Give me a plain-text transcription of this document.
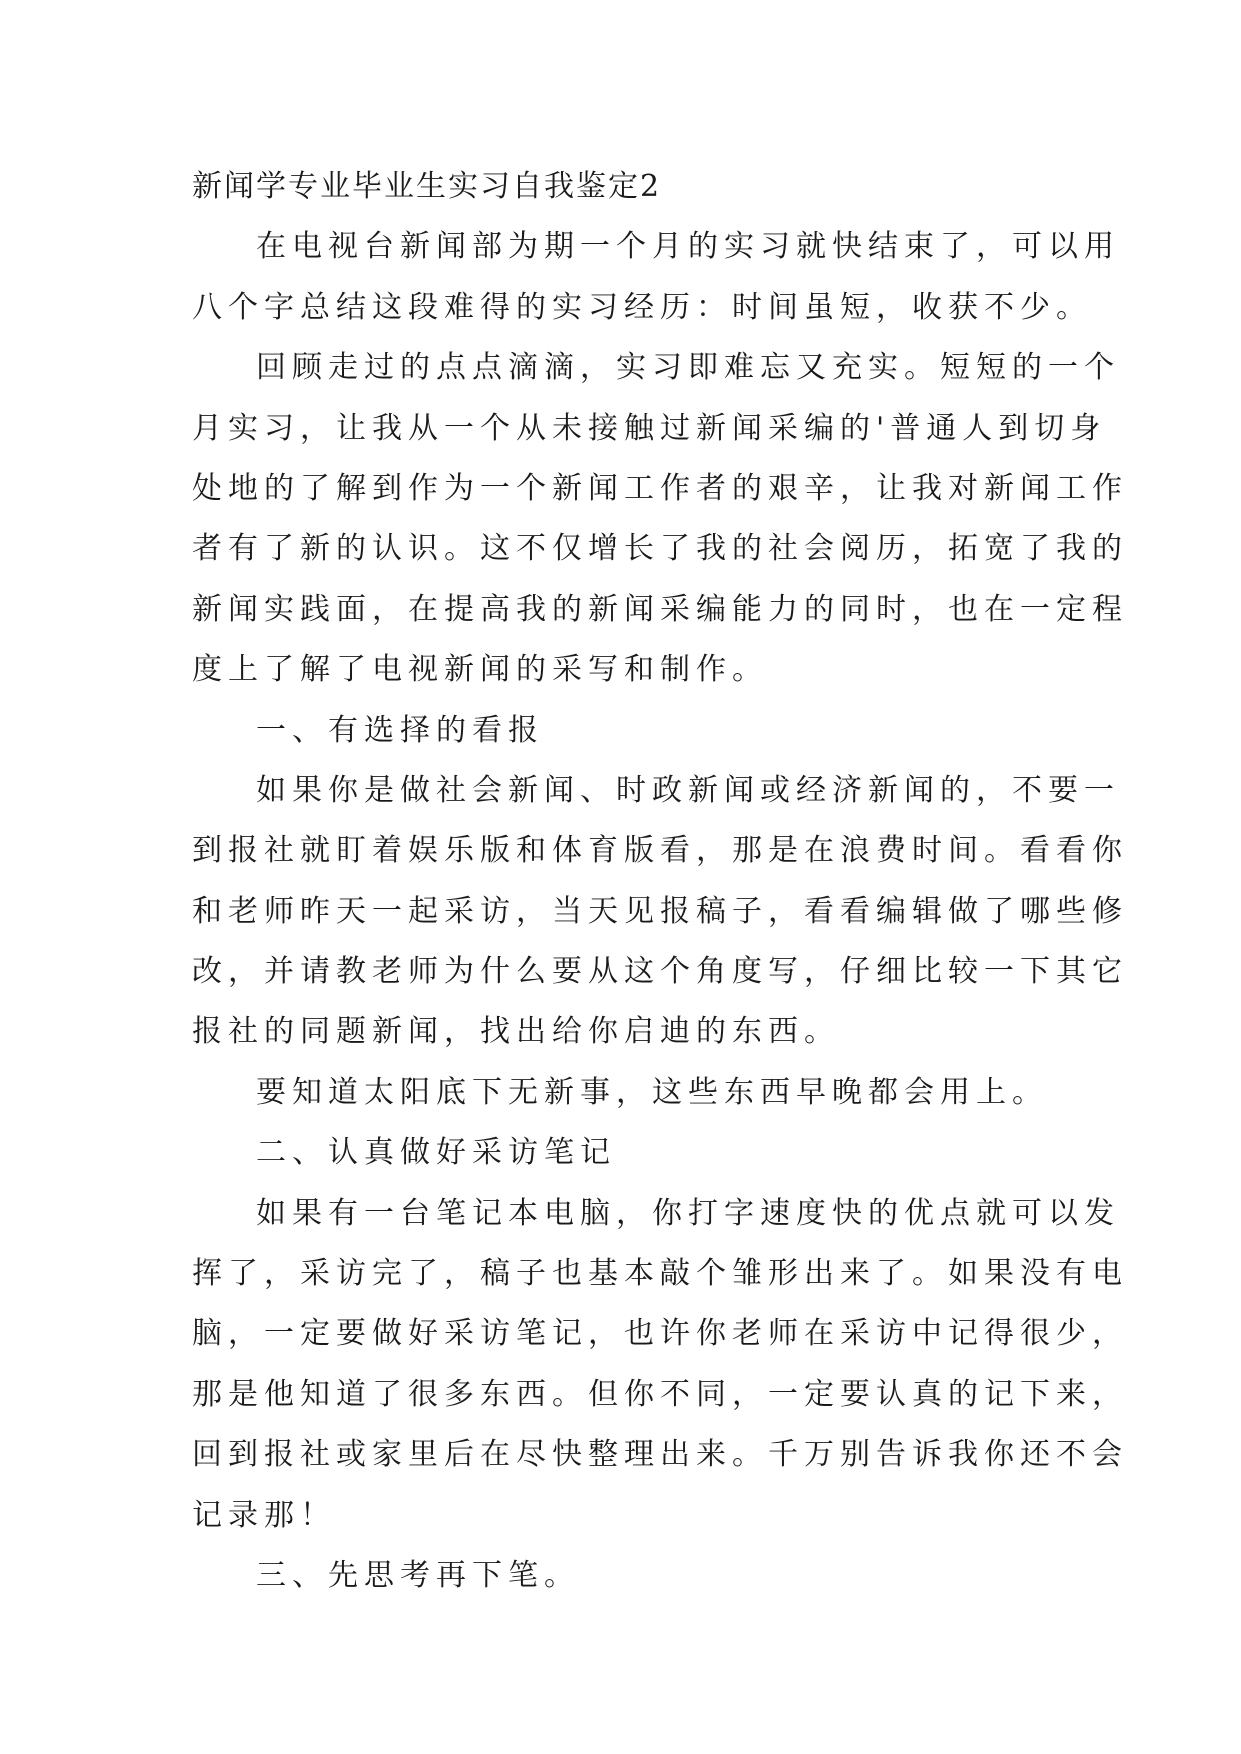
新闻学专业毕业生实习自我鉴定2
在电视台新闻部为期一个月的实习就快结束了，可以用
八个字总结这段难得的实习经历：时间虽短，收获不少。
回顾走过的点点滴滴，实习即难忘又充实。短短的一个
月实习，让我从一个从未接触过新闻采编的'普通人到切身
处地的了解到作为一个新闻工作者的艰辛，让我对新闻工作
者有了新的认识。这不仅增长了我的社会阅历，拓宽了我的
新闻实践面，在提高我的新闻采编能力的同时，也在一定程
度上了解了电视新闻的采写和制作。
一、有选择的看报
如果你是做社会新闻、时政新闻或经济新闻的，不要一
到报社就盯着娱乐版和体育版看，那是在浪费时间。看看你
和老师昨天一起采访，当天见报稿子，看看编辑做了哪些修
改，并请教老师为什么要从这个角度写，仔细比较一下其它
报社的同题新闻，找出给你启迪的东西。
要知道太阳底下无新事，这些东西早晚都会用上。
二、认真做好采访笔记
如果有一台笔记本电脑，你打字速度快的优点就可以发
挥了，采访完了，稿子也基本敲个雏形出来了。如果没有电
脑，一定要做好采访笔记，也许你老师在采访中记得很少，
那是他知道了很多东西。但你不同，一定要认真的记下来，
回到报社或家里后在尽快整理出来。千万别告诉我你还不会
记录那！
三、先思考再下笔。
